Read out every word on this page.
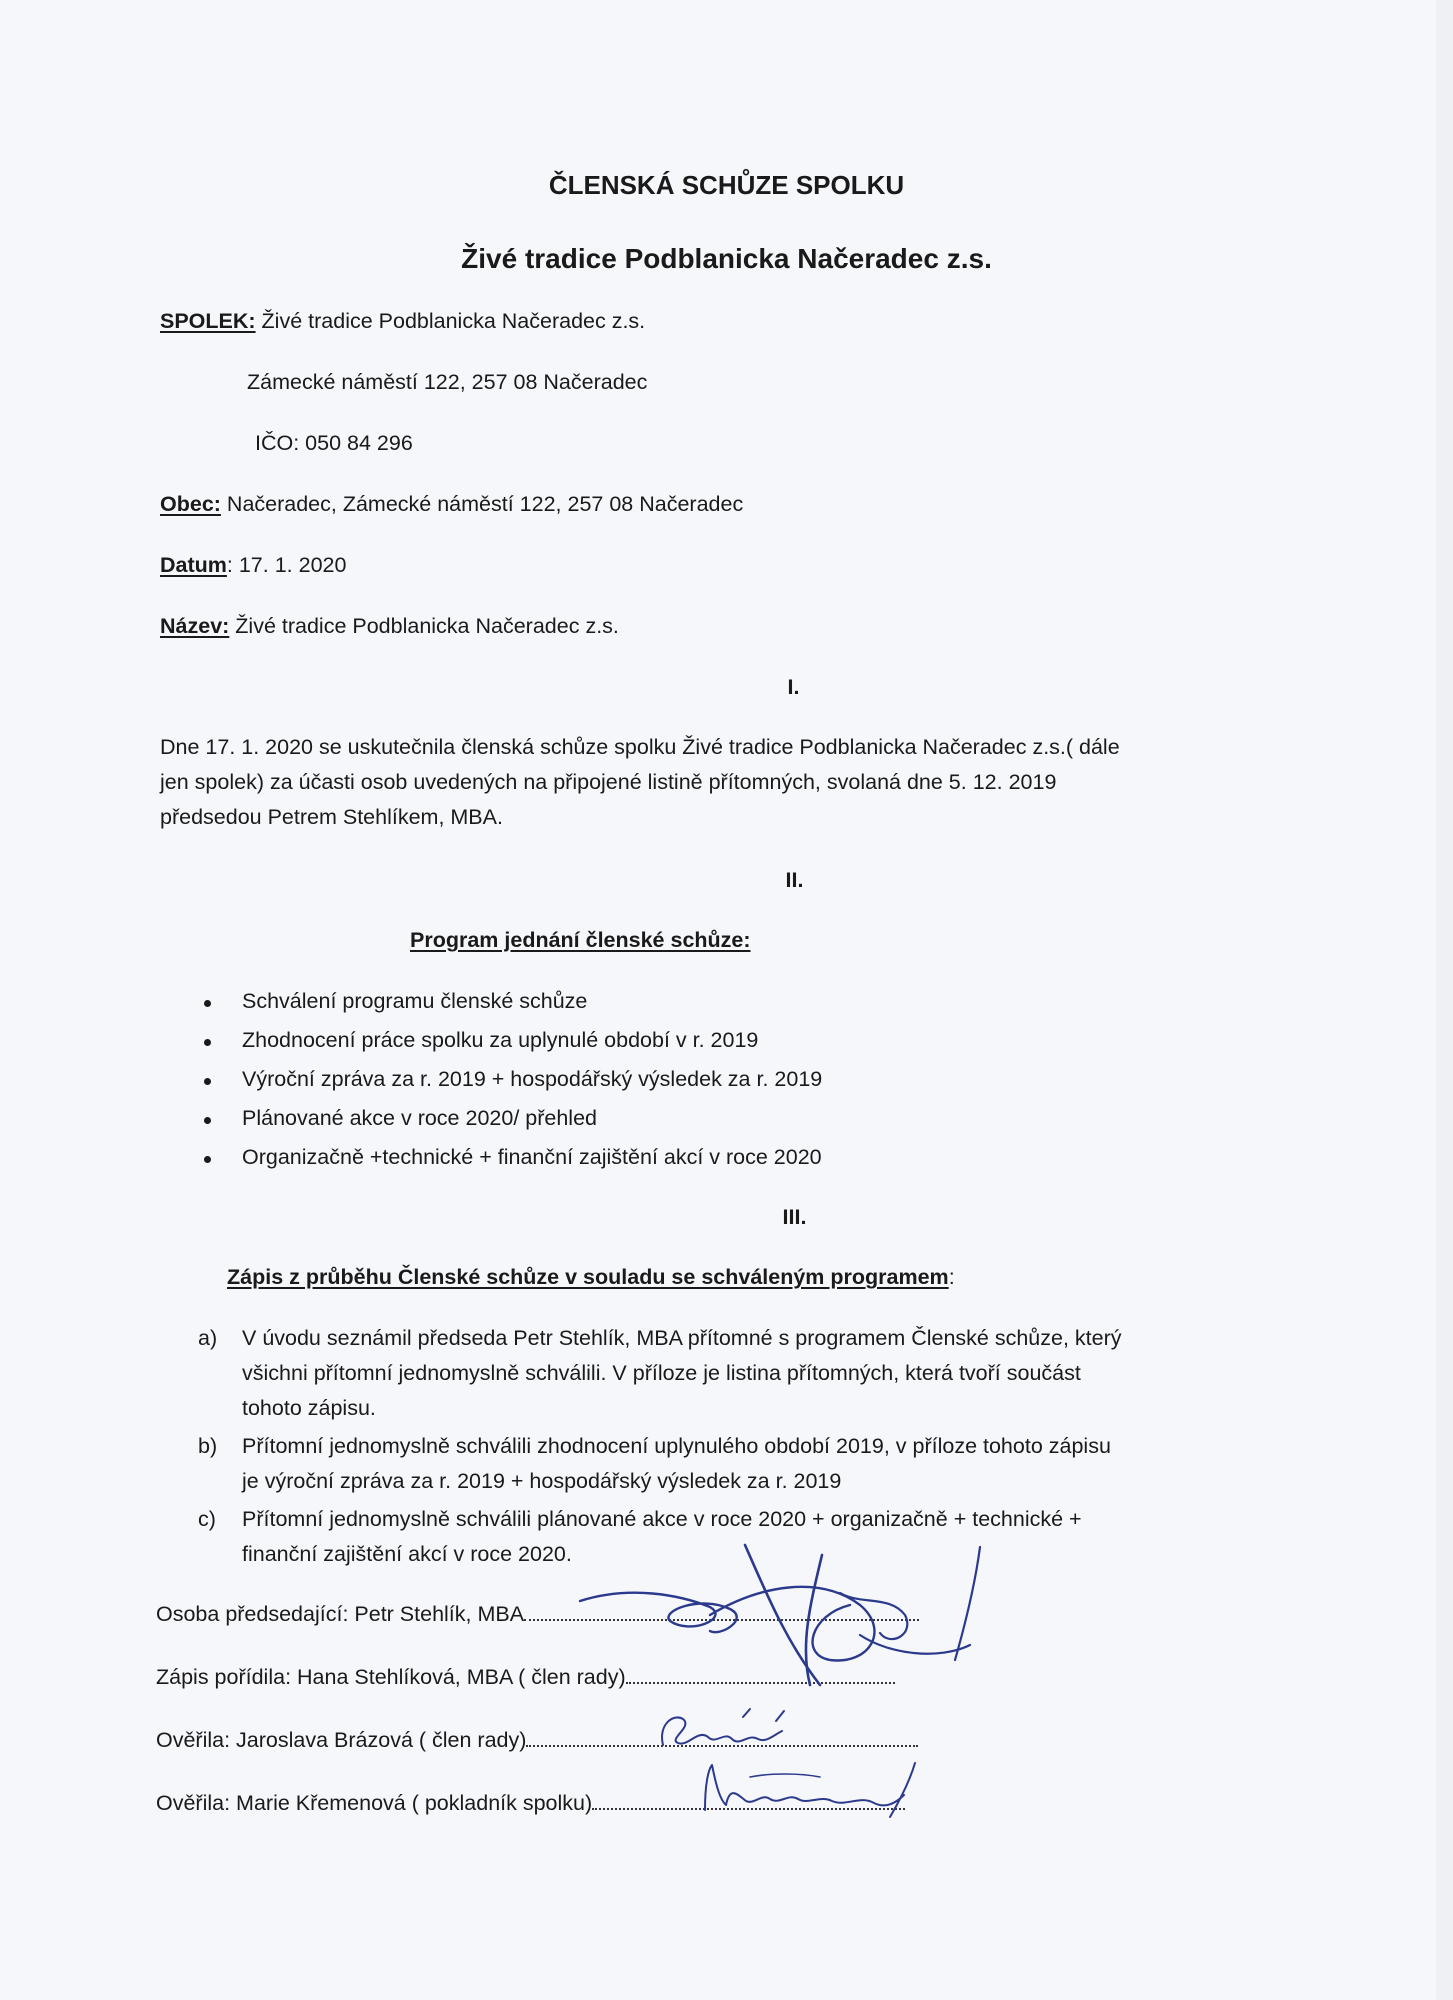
ČLENSKÁ SCHŮZE SPOLKU
Živé tradice Podblanicka Načeradec z.s.
SPOLEK: Živé tradice Podblanicka Načeradec z.s.
Zámecké náměstí 122, 257 08 Načeradec
IČO: 050 84 296
Obec: Načeradec, Zámecké náměstí 122, 257 08 Načeradec
Datum: 17. 1. 2020
Název: Živé tradice Podblanicka Načeradec z.s.
I.
Dne 17. 1. 2020 se uskutečnila členská schůze spolku Živé tradice Podblanicka Načeradec z.s.( dále
jen spolek) za účasti osob uvedených na připojené listině přítomných, svolaná dne 5. 12. 2019
předsedou Petrem Stehlíkem, MBA.
II.
Program jednání členské schůze:
Schválení programu členské schůze
Zhodnocení práce spolku za uplynulé období v r. 2019
Výroční zpráva za r. 2019 + hospodářský výsledek za r. 2019
Plánované akce v roce 2020/ přehled
Organizačně +technické + finanční zajištění akcí v roce 2020
III.
Zápis z průběhu Členské schůze v souladu se schváleným programem:
a) V úvodu seznámil předseda Petr Stehlík, MBA přítomné s programem Členské schůze, který
všichni přítomní jednomyslně schválili. V příloze je listina přítomných, která tvoří součást
tohoto zápisu.
b) Přítomní jednomyslně schválili zhodnocení uplynulého období 2019, v příloze tohoto zápisu
je výroční zpráva za r. 2019 + hospodářský výsledek za r. 2019
c) Přítomní jednomyslně schválili plánované akce v roce 2020 + organizačně + technické +
finanční zajištění akcí v roce 2020.
Osoba předsedající: Petr Stehlík, MBA
Zápis pořídila: Hana Stehlíková, MBA ( člen rady)
Ověřila: Jaroslava Brázová ( člen rady)
Ověřila: Marie Křemenová ( pokladník spolku)
